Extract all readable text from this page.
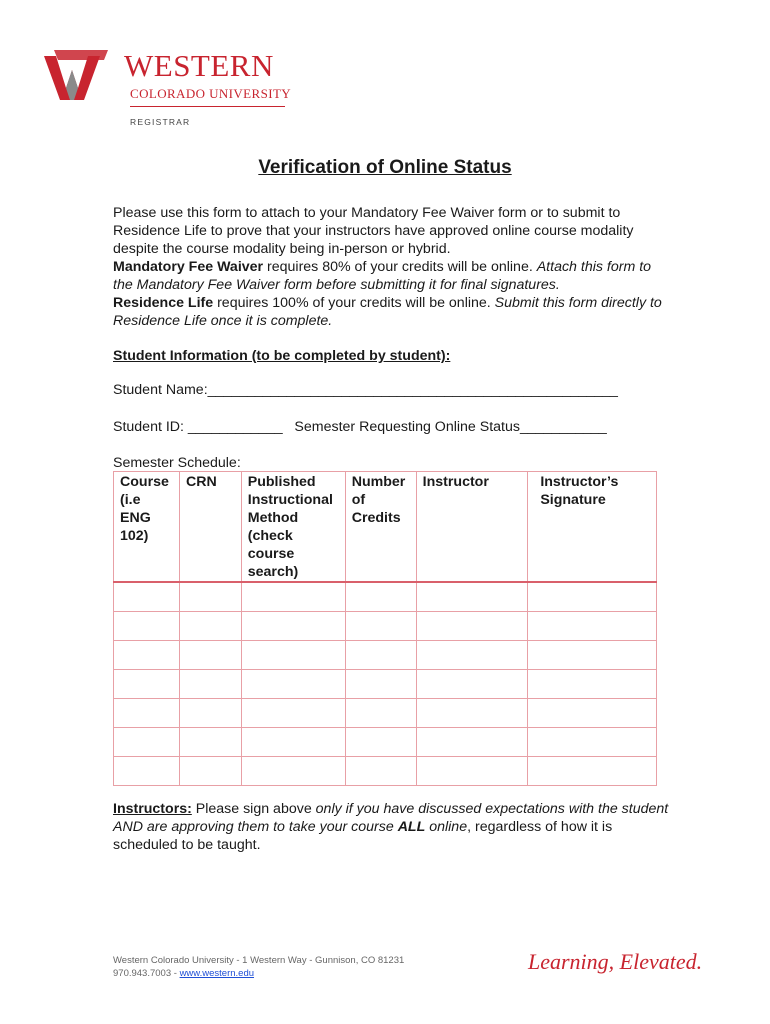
WESTERN
COLORADO UNIVERSITY
REGISTRAR
Verification of Online Status

Please use this form to attach to your Mandatory Fee Waiver form or to submit to Residence Life to prove that your instructors have approved online course modality despite the course modality being in-person or hybrid.

Mandatory Fee Waiver requires 80% of your credits will be online. Attach this form to the Mandatory Fee Waiver form before submitting it for final signatures.

Residence Life requires 100% of your credits will be online. Submit this form directly to Residence Life once it is complete.

Student Information (to be completed by student):
Student Name:____________________________________________________
Student ID: ____________   Semester Requesting Online Status___________
Semester Schedule:
Course (i.e ENG 102)	CRN	Published Instructional Method (check course search)	Number of Credits	Instructor	Instructor’s Signature

Instructors: Please sign above only if you have discussed expectations with the student AND are approving them to take your course ALL online, regardless of how it is scheduled to be taught.
Western Colorado University - 1 Western Way - Gunnison, CO 81231
970.943.7003 - www.western.edu	Learning, Elevated.
